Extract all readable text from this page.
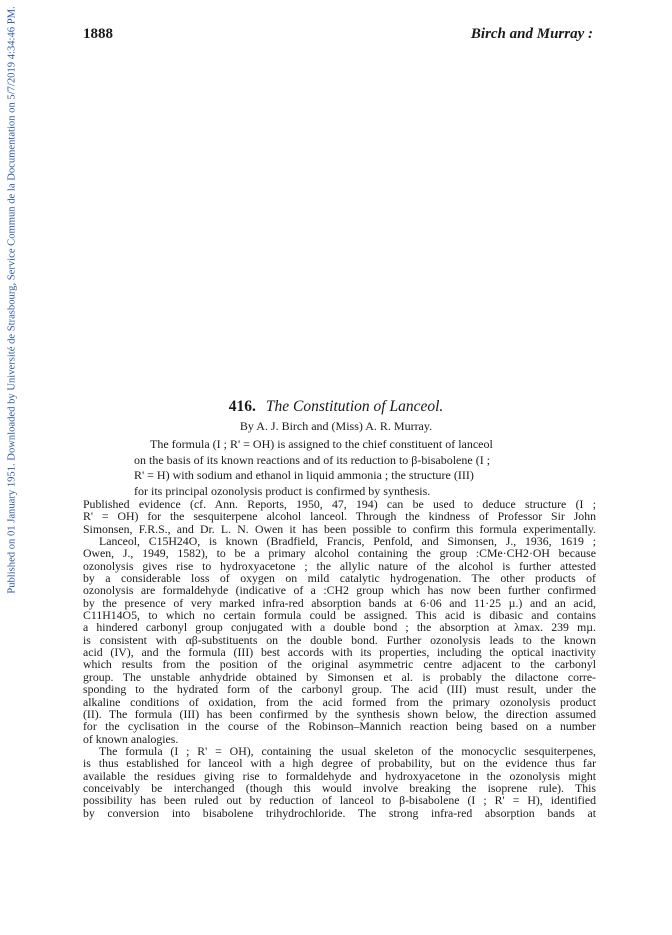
Published on 01 January 1951. Downloaded by Université de Strasbourg, Service Commun de la Documentation on 5/7/2019 4:34:46 PM.	1888	Birch and Murray :
416. The Constitution of Lanceol.
By A. J. Birch and (Miss) A. R. Murray.
The formula (I ; R' = OH) is assigned to the chief constituent of lanceol
on the basis of its known reactions and of its reduction to β-bisabolene (I ;
R' = H) with sodium and ethanol in liquid ammonia ; the structure (III)
for its principal ozonolysis product is confirmed by synthesis.
Published evidence (cf. Ann. Reports, 1950, 47, 194) can be used to deduce structure (I ;
R' = OH) for the sesquiterpene alcohol lanceol. Through the kindness of Professor Sir John
Simonsen, F.R.S., and Dr. L. N. Owen it has been possible to confirm this formula experimentally.
Lanceol, C15H24O, is known (Bradfield, Francis, Penfold, and Simonsen, J., 1936, 1619 ;
Owen, J., 1949, 1582), to be a primary alcohol containing the group :CMe·CH2·OH because
ozonolysis gives rise to hydroxyacetone ; the allylic nature of the alcohol is further attested
by a considerable loss of oxygen on mild catalytic hydrogenation. The other products of
ozonolysis are formaldehyde (indicative of a :CH2 group which has now been further confirmed
by the presence of very marked infra-red absorption bands at 6·06 and 11·25 µ.) and an acid,
C11H14O5, to which no certain formula could be assigned. This acid is dibasic and contains
a hindered carbonyl group conjugated with a double bond ; the absorption at λmax. 239 mµ.
is consistent with αβ-substituents on the double bond. Further ozonolysis leads to the known
acid (IV), and the formula (III) best accords with its properties, including the optical inactivity
which results from the position of the original asymmetric centre adjacent to the carbonyl
group. The unstable anhydride obtained by Simonsen et al. is probably the dilactone corre-
sponding to the hydrated form of the carbonyl group. The acid (III) must result, under the
alkaline conditions of oxidation, from the acid formed from the primary ozonolysis product
(II). The formula (III) has been confirmed by the synthesis shown below, the direction assumed
for the cyclisation in the course of the Robinson–Mannich reaction being based on a number
of known analogies.
The formula (I ; R' = OH), containing the usual skeleton of the monocyclic sesquiterpenes,
is thus established for lanceol with a high degree of probability, but on the evidence thus far
available the residues giving rise to formaldehyde and hydroxyacetone in the ozonolysis might
conceivably be interchanged (though this would involve breaking the isoprene rule). This
possibility has been ruled out by reduction of lanceol to β-bisabolene (I ; R' = H), identified
by conversion into bisabolene trihydrochloride. The strong infra-red absorption bands at
